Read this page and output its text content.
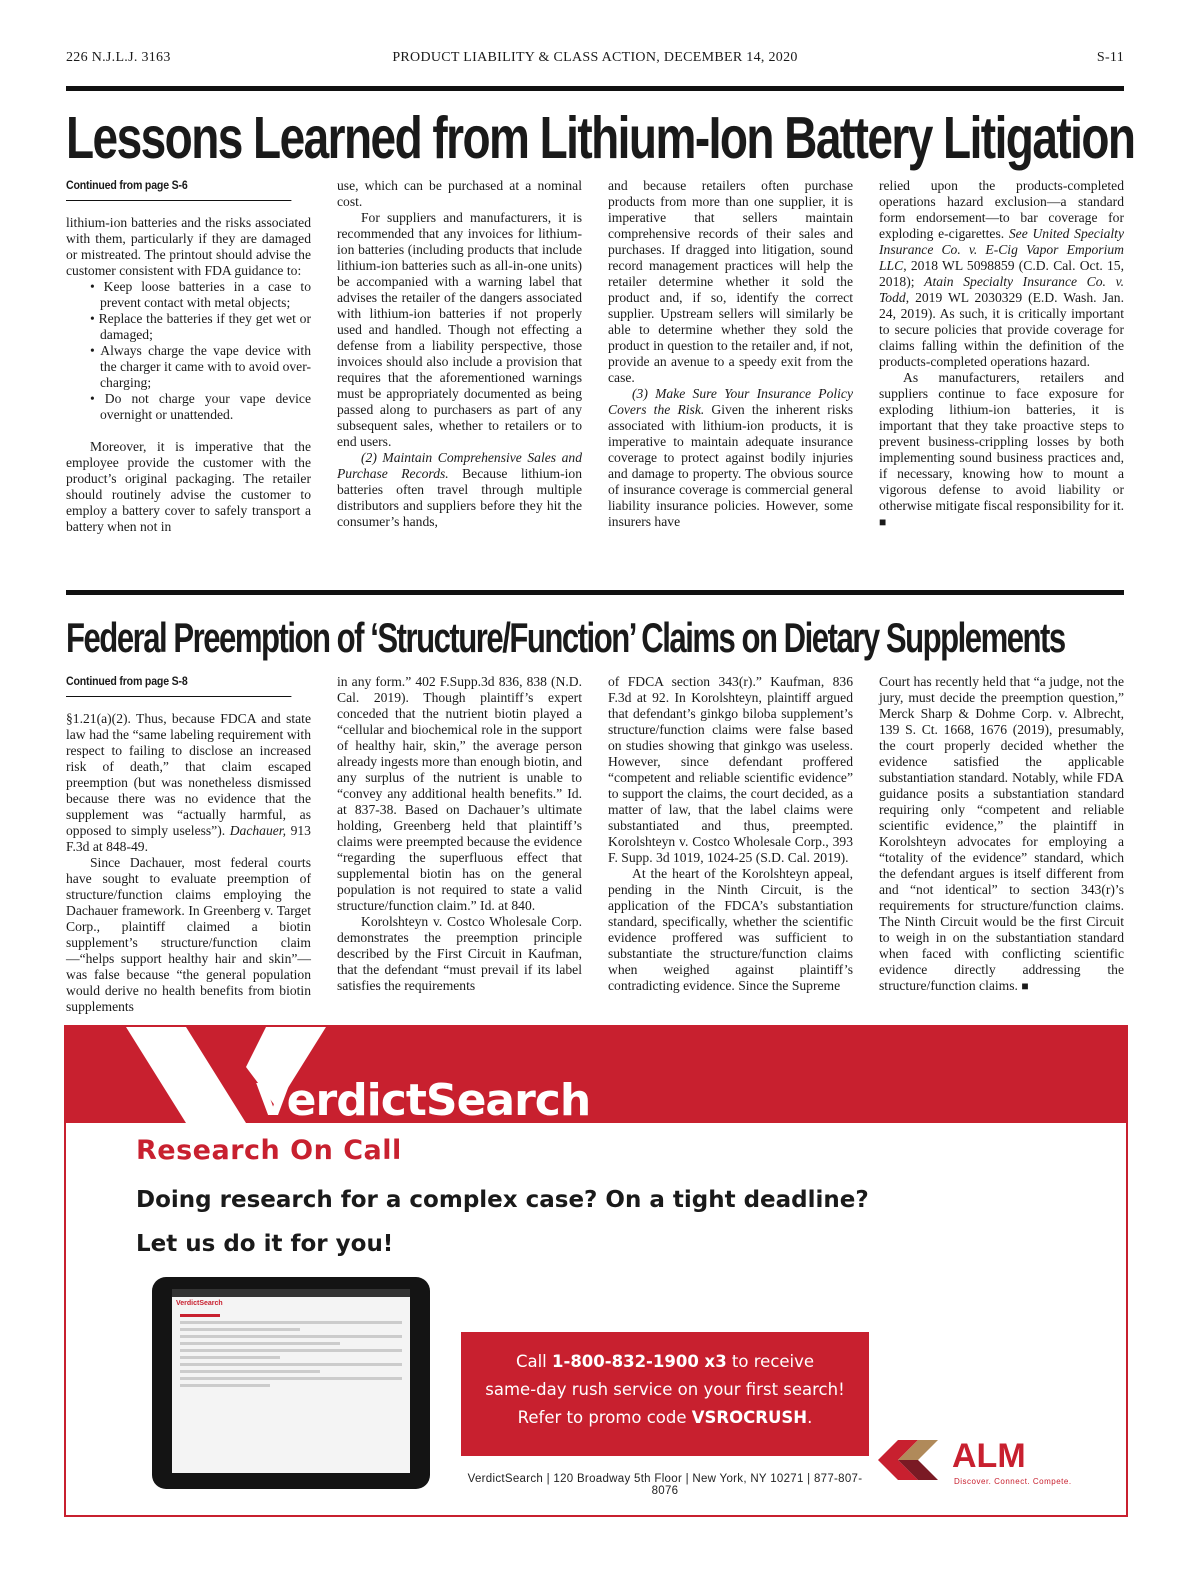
226 N.J.L.J. 3163	PRODUCT LIABILITY & CLASS ACTION, DECEMBER 14, 2020	S-11
Lessons Learned from Lithium-Ion Battery Litigation
Continued from page S-6

lithium-ion batteries and the risks associated with them, particularly if they are damaged or mistreated. The printout should advise the customer consistent with FDA guidance to:

• Keep loose batteries in a case to prevent contact with metal objects;
• Replace the batteries if they get wet or damaged;
• Always charge the vape device with the charger it came with to avoid over-charging;
• Do not charge your vape device overnight or unattended.

Moreover, it is imperative that the employee provide the customer with the product’s original packaging. The retailer should routinely advise the customer to employ a battery cover to safely transport a battery when not in

use, which can be purchased at a nominal cost.

For suppliers and manufacturers, it is recommended that any invoices for lithium-ion batteries (including products that include lithium-ion batteries such as all-in-one units) be accompanied with a warning label that advises the retailer of the dangers associated with lithium-ion batteries if not properly used and handled. Though not effecting a defense from a liability perspective, those invoices should also include a provision that requires that the aforementioned warnings must be appropriately documented as being passed along to purchasers as part of any subsequent sales, whether to retailers or to end users.

(2) Maintain Comprehensive Sales and Purchase Records. Because lithium-ion batteries often travel through multiple distributors and suppliers before they hit the consumer’s hands,

and because retailers often purchase products from more than one supplier, it is imperative that sellers maintain comprehensive records of their sales and purchases. If dragged into litigation, sound record management practices will help the retailer determine whether it sold the product and, if so, identify the correct supplier. Upstream sellers will similarly be able to determine whether they sold the product in question to the retailer and, if not, provide an avenue to a speedy exit from the case.

(3) Make Sure Your Insurance Policy Covers the Risk. Given the inherent risks associated with lithium-ion products, it is imperative to maintain adequate insurance coverage to protect against bodily injuries and damage to property. The obvious source of insurance coverage is commercial general liability insurance policies. However, some insurers have

relied upon the products-completed operations hazard exclusion—a standard form endorsement—to bar coverage for exploding e-cigarettes. See United Specialty Insurance Co. v. E-Cig Vapor Emporium LLC, 2018 WL 5098859 (C.D. Cal. Oct. 15, 2018); Atain Specialty Insurance Co. v. Todd, 2019 WL 2030329 (E.D. Wash. Jan. 24, 2019). As such, it is critically important to secure policies that provide coverage for claims falling within the definition of the products-completed operations hazard.

As manufacturers, retailers and suppliers continue to face exposure for exploding lithium-ion batteries, it is important that they take proactive steps to prevent business-crippling losses by both implementing sound business practices and, if necessary, knowing how to mount a vigorous defense to avoid liability or otherwise mitigate fiscal responsibility for it. ■

Federal Preemption of ‘Structure/Function’ Claims on Dietary Supplements
Continued from page S-8

§1.21(a)(2). Thus, because FDCA and state law had the “same labeling requirement with respect to failing to disclose an increased risk of death,” that claim escaped preemption (but was nonetheless dismissed because there was no evidence that the supplement was “actually harmful, as opposed to simply useless”). Dachauer, 913 F.3d at 848-49.

Since Dachauer, most federal courts have sought to evaluate preemption of structure/function claims employing the Dachauer framework. In Greenberg v. Target Corp., plaintiff claimed a biotin supplement’s structure/function claim—“helps support healthy hair and skin”—was false because “the general population would derive no health benefits from biotin supplements

in any form.” 402 F.Supp.3d 836, 838 (N.D. Cal. 2019). Though plaintiff’s expert conceded that the nutrient biotin played a “cellular and biochemical role in the support of healthy hair, skin,” the average person already ingests more than enough biotin, and any surplus of the nutrient is unable to “convey any additional health benefits.” Id. at 837-38. Based on Dachauer’s ultimate holding, Greenberg held that plaintiff’s claims were preempted because the evidence “regarding the superfluous effect that supplemental biotin has on the general population is not required to state a valid structure/function claim.” Id. at 840.

Korolshteyn v. Costco Wholesale Corp. demonstrates the preemption principle described by the First Circuit in Kaufman, that the defendant “must prevail if its label satisfies the requirements

of FDCA section 343(r).” Kaufman, 836 F.3d at 92. In Korolshteyn, plaintiff argued that defendant’s ginkgo biloba supplement’s structure/function claims were false based on studies showing that ginkgo was useless. However, since defendant proffered “competent and reliable scientific evidence” to support the claims, the court decided, as a matter of law, that the label claims were substantiated and thus, preempted. Korolshteyn v. Costco Wholesale Corp., 393 F. Supp. 3d 1019, 1024-25 (S.D. Cal. 2019).

At the heart of the Korolshteyn appeal, pending in the Ninth Circuit, is the application of the FDCA’s substantiation standard, specifically, whether the scientific evidence proffered was sufficient to substantiate the structure/function claims when weighed against plaintiff’s contradicting evidence. Since the Supreme

Court has recently held that “a judge, not the jury, must decide the preemption question,” Merck Sharp & Dohme Corp. v. Albrecht, 139 S. Ct. 1668, 1676 (2019), presumably, the court properly decided whether the evidence satisfied the applicable substantiation standard. Notably, while FDA guidance posits a substantiation standard requiring only “competent and reliable scientific evidence,” the plaintiff in Korolshteyn advocates for employing a “totality of the evidence” standard, which the defendant argues is itself different from and “not identical” to section 343(r)’s requirements for structure/function claims. The Ninth Circuit would be the first Circuit to weigh in on the substantiation standard when faced with conflicting scientific evidence directly addressing the structure/function claims. ■

VerdictSearch
Research On Call
Doing research for a complex case? On a tight deadline?
Let us do it for you!
VerdictSearch
Call 1-800-832-1900 x3 to receive
same-day rush service on your first search!
Refer to promo code VSROCRUSH.
VerdictSearch | 120 Broadway 5th Floor | New York, NY 10271 | 877-807-8076
ALM
Discover. Connect. Compete.
